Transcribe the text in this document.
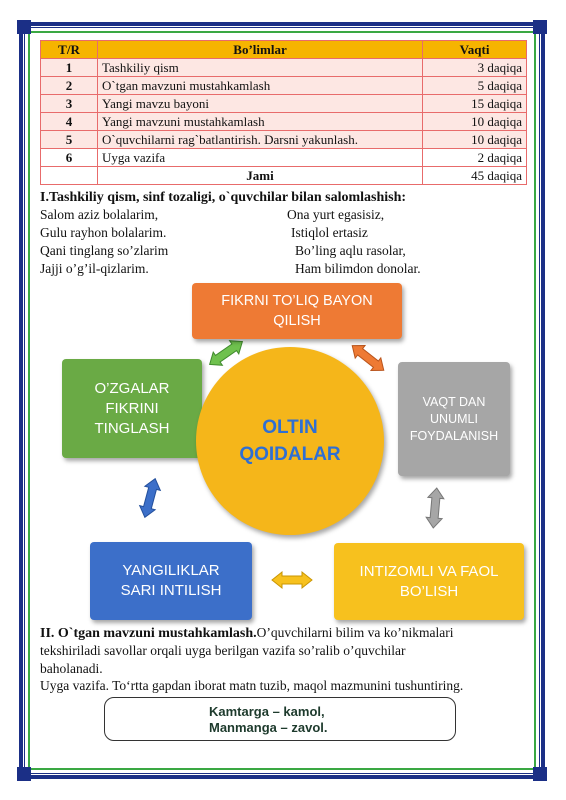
T/R	Bo’limlar	Vaqti
1	Tashkiliy qism	3 daqiqa
2	O`tgan mavzuni mustahkamlash	5 daqiqa
3	Yangi mavzu bayoni	15 daqiqa
4	Yangi mavzuni mustahkamlash	10 daqiqa
5	O`quvchilarni rag`batlantirish. Darsni yakunlash.	10 daqiqa
6	Uyga vazifa	2 daqiqa
	Jami	45 daqiqa
I.Tashkiliy qism, sinf tozaligi, o`quvchilar bilan salomlashish:
Salom aziz bolalarim,
Gulu rayhon bolalarim.
Qani tinglang so’zlarim
Jajji o’g’il-qizlarim.
Ona yurt egasisiz,
Istiqlol ertasiz
Bo’ling aqlu rasolar,
Ham bilimdon donolar.
FIKRNI TO’LIQ BAYON QILISH
O’ZGALAR FIKRINI TINGLASH
VAQT DAN UNUMLI FOYDALANISH
YANGILIKLAR SARI INTILISH
INTIZOMLI VA FAOL BO’LISH
OLTIN
QOIDALAR
II. O`tgan mavzuni mustahkamlash.O’quvchilarni bilim va ko’nikmalari
tekshiriladi savollar orqali uyga berilgan vazifa so’ralib o’quvchilar
baholanadi.
Uyga vazifa. To‘rtta gapdan iborat matn tuzib, maqol mazmunini tushuntiring.
Kamtarga – kamol,
Manmanga – zavol.
